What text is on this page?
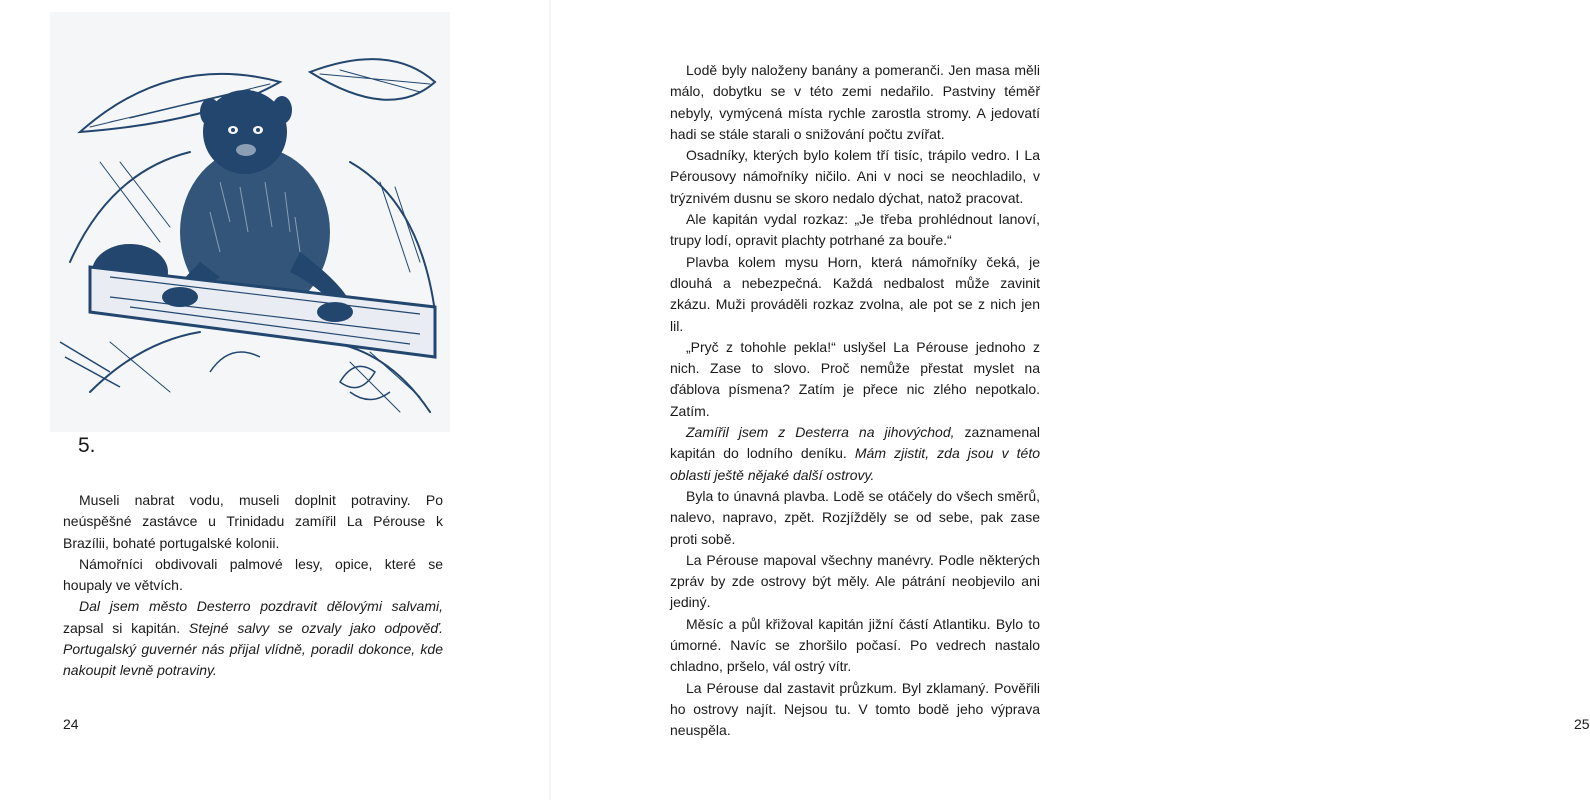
5.

Museli nabrat vodu, museli doplnit potraviny. Po neúspěšné zastávce u Trinidadu zamířil La Pérouse k Brazílii, bohaté portugalské kolonii.

Námořníci obdivovali palmové lesy, opice, které se houpaly ve větvích.

Dal jsem město Desterro pozdravit dělovými salvami, zapsal si kapitán. Stejné salvy se ozvaly jako odpověď. Portugalský guvernér nás přijal vlídně, poradil dokonce, kde nakoupit levně potraviny.

24	25

Lodě byly naloženy banány a pomeranči. Jen masa měli málo, dobytku se v této zemi nedařilo. Pastviny téměř nebyly, vymýcená místa rychle zarostla stromy. A jedovatí hadi se stále starali o snižování počtu zvířat.

Osadníky, kterých bylo kolem tří tisíc, trápilo vedro. I La Pérousovy námořníky ničilo. Ani v noci se neochladilo, v trýznivém dusnu se skoro nedalo dýchat, natož pracovat.

Ale kapitán vydal rozkaz: „Je třeba prohlédnout lanoví, trupy lodí, opravit plachty potrhané za bouře.“

Plavba kolem mysu Horn, která námořníky čeká, je dlouhá a nebezpečná. Každá nedbalost může zavinit zkázu. Muži prováděli rozkaz zvolna, ale pot se z nich jen lil.

„Pryč z tohohle pekla!“ uslyšel La Pérouse jednoho z nich. Zase to slovo. Proč nemůže přestat myslet na ďáblova písmena? Zatím je přece nic zlého nepotkalo. Zatím.

Zamířil jsem z Desterra na jihovýchod, zaznamenal kapitán do lodního deníku. Mám zjistit, zda jsou v této oblasti ještě nějaké další ostrovy.

Byla to únavná plavba. Lodě se otáčely do všech směrů, nalevo, napravo, zpět. Rozjížděly se od sebe, pak zase proti sobě.

La Pérouse mapoval všechny manévry. Podle některých zpráv by zde ostrovy být měly. Ale pátrání neobjevilo ani jediný.

Měsíc a půl křižoval kapitán jižní částí Atlantiku. Bylo to úmorné. Navíc se zhoršilo počasí. Po vedrech nastalo chladno, pršelo, vál ostrý vítr.

La Pérouse dal zastavit průzkum. Byl zklamaný. Pověřili ho ostrovy najít. Nejsou tu. V tomto bodě jeho výprava neuspěla.
